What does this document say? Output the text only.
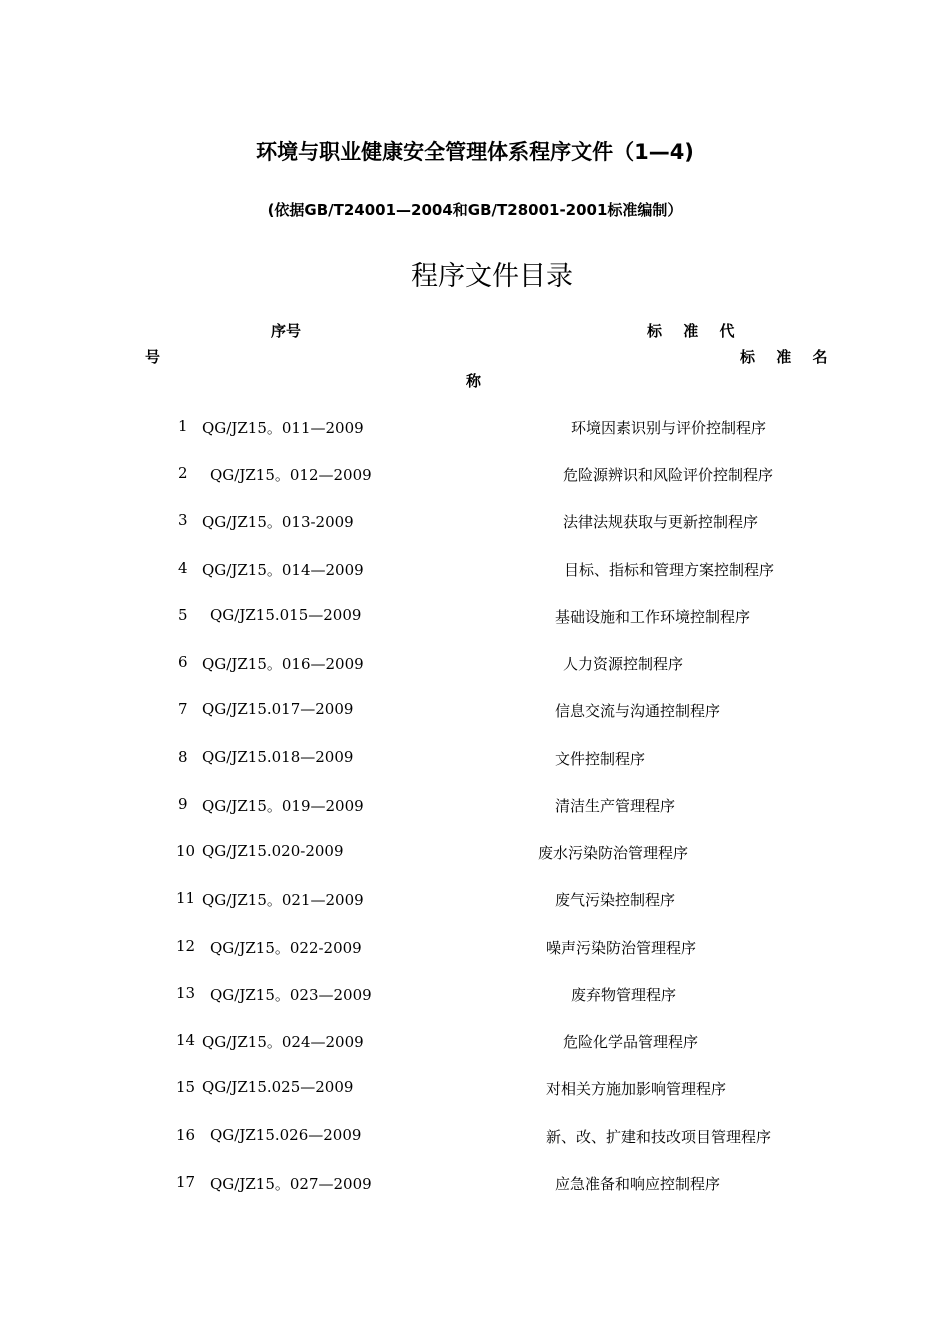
环境与职业健康安全管理体系程序文件（1—4)
(依据GB/T24001—2004和GB/T28001-2001标准编制）
程序文件目录
序号	标 准 代
号	标 准 名
称
1 QG/JZ15。011—2009	环境因素识别与评价控制程序
2 QG/JZ15。012—2009	危险源辨识和风险评价控制程序
3 QG/JZ15。013-2009	法律法规获取与更新控制程序
4 QG/JZ15。014—2009	目标、指标和管理方案控制程序
5 QG/JZ15.015—2009	基础设施和工作环境控制程序
6 QG/JZ15。016—2009	人力资源控制程序
7 QG/JZ15.017—2009	信息交流与沟通控制程序
8 QG/JZ15.018—2009	文件控制程序
9 QG/JZ15。019—2009	清洁生产管理程序
10 QG/JZ15.020-2009	废水污染防治管理程序
11 QG/JZ15。021—2009	废气污染控制程序
12 QG/JZ15。022-2009	噪声污染防治管理程序
13 QG/JZ15。023—2009	废弃物管理程序
14 QG/JZ15。024—2009	危险化学品管理程序
15 QG/JZ15.025—2009	对相关方施加影响管理程序
16 QG/JZ15.026—2009	新、改、扩建和技改项目管理程序
17 QG/JZ15。027—2009	应急准备和响应控制程序
